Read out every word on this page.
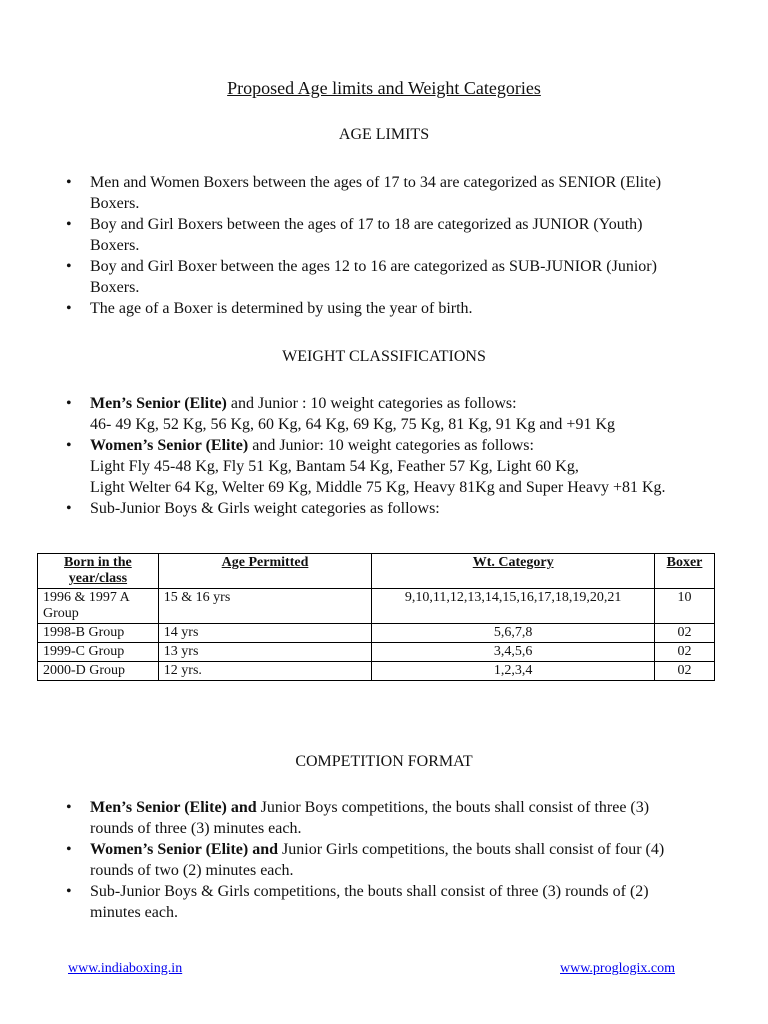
Proposed Age limits and Weight Categories
AGE LIMITS
•	Men and Women Boxers between the ages of 17 to 34 are categorized as SENIOR (Elite)
Boxers.
•	Boy and Girl Boxers between the ages of 17 to 18 are categorized as JUNIOR (Youth)
Boxers.
•	Boy and Girl Boxer between the ages 12 to 16 are categorized as SUB-JUNIOR (Junior)
Boxers.
•	The age of a Boxer is determined by using the year of birth.
WEIGHT CLASSIFICATIONS
•	Men’s Senior (Elite) and Junior : 10 weight categories as follows:
46- 49 Kg, 52 Kg, 56 Kg, 60 Kg, 64 Kg, 69 Kg, 75 Kg, 81 Kg, 91 Kg and +91 Kg
•	Women’s Senior (Elite) and Junior: 10 weight categories as follows:
Light Fly 45-48 Kg, Fly 51 Kg, Bantam 54 Kg, Feather 57 Kg, Light 60 Kg,
Light Welter 64 Kg, Welter 69 Kg, Middle 75 Kg, Heavy 81Kg and Super Heavy +81 Kg.
•	Sub-Junior Boys & Girls weight categories as follows:
Born in the year/class	Age Permitted	Wt. Category	Boxer
1996 & 1997 A Group	15 & 16 yrs	9,10,11,12,13,14,15,16,17,18,19,20,21	10
1998-B Group	14 yrs	5,6,7,8	02
1999-C Group	13 yrs	3,4,5,6	02
2000-D Group	12 yrs.	1,2,3,4	02
COMPETITION FORMAT
•	Men’s Senior (Elite) and Junior Boys competitions, the bouts shall consist of three (3)
rounds of three (3) minutes each.
•	Women’s Senior (Elite) and Junior Girls competitions, the bouts shall consist of four (4)
rounds of two (2) minutes each.
•	Sub-Junior Boys & Girls competitions, the bouts shall consist of three (3) rounds of (2)
minutes each.
www.indiaboxing.in	www.proglogix.com
